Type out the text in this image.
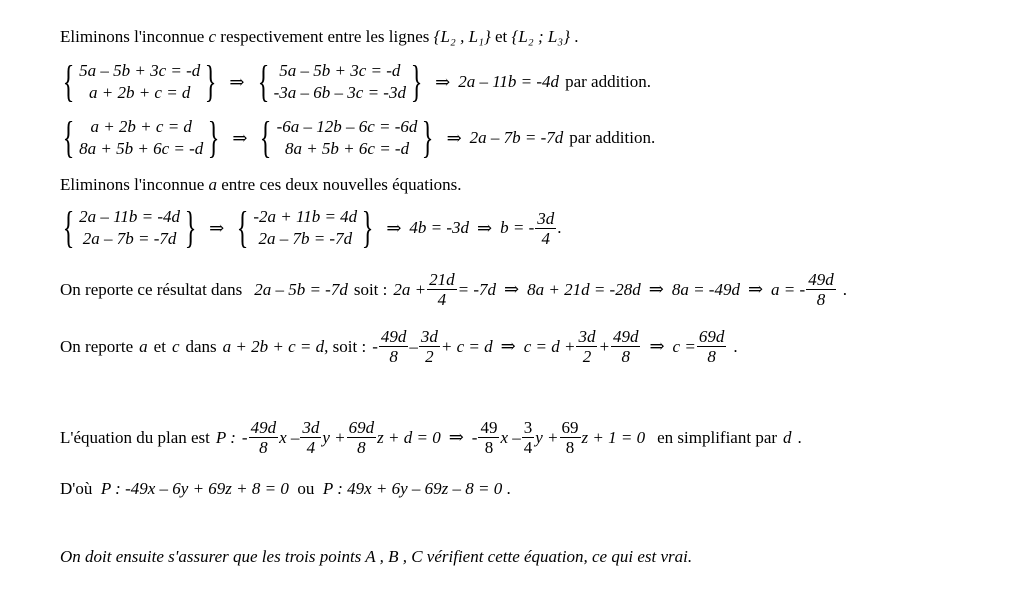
Eliminons l'inconnue c respectivement entre les lignes {L₂ , L₁} et {L₂ ; L₃} .
{ 5a – 5b + 3c = -d
a + 2b + c = d } ⇒ { 5a – 5b + 3c = -d
-3a – 6b – 3c = -3d } ⇒ 2a – 11b = -4d par addition.
{ a + 2b + c = d
8a + 5b + 6c = -d } ⇒ { -6a – 12b – 6c = -6d
8a + 5b + 6c = -d } ⇒ 2a – 7b = -7d par addition.
Eliminons l'inconnue a entre ces deux nouvelles équations.
{ 2a – 11b = -4d
2a – 7b = -7d } ⇒ { -2a + 11b = 4d
2a – 7b = -7d } ⇒ 4b = -3d ⇒ b = - $\frac{3d}{4}$ .
On reporte ce résultat dans 2a – 5b = -7d soit : $2a + \frac{21d}{4} = -7d$ ⇒ 8a + 21d = -28d ⇒ 8a = -49d ⇒ a = - $\frac{49d}{8}$ .
On reporte a et c dans a + 2b + c = d , soit : - $\frac{49d}{8} - \frac{3d}{2} + c = d$ ⇒ $c = d + \frac{3d}{2} + \frac{49d}{8}$ ⇒ $c = \frac{69d}{8}$ .
L'équation du plan est P : - $\frac{49d}{8}$ x – $\frac{3d}{4}$ $y + \frac{69d}{8}$ z + d = 0 ⇒ - $\frac{49}{8}$ x – $\frac{3}{4}$ $y + \frac{69}{8}$ z + 1 = 0 en simplifiant par d .
D'où P : -49x – 6y + 69z + 8 = 0 ou P : 49x + 6y – 69z – 8 = 0 .
On doit ensuite s'assurer que les trois points A , B , C vérifient cette équation, ce qui est vrai.
